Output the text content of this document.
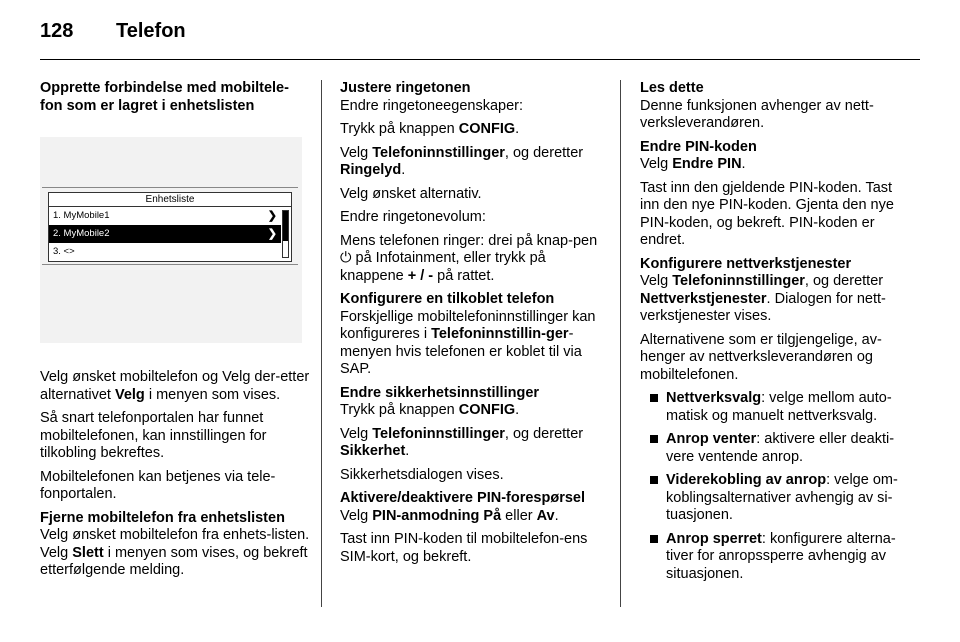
128 Telefon
Opprette forbindelse med mobiltele-
fon som er lagret i enhetslisten
Enhetsliste
1. MyMobile1	❯
2. MyMobile2	❯
3. <>
Velg ønsket mobiltelefon og Velg der-etter alternativet Velg i menyen som vises.
Så snart telefonportalen har funnet mobiltelefonen, kan innstillingen for tilkobling bekreftes.
Mobiltelefonen kan betjenes via tele-fonportalen.
Fjerne mobiltelefon fra enhetslisten
Velg ønsket mobiltelefon fra enhets-listen. Velg Slett i menyen som vises, og bekreft etterfølgende melding.
Justere ringetonen
Endre ringetoneegenskaper:
Trykk på knappen CONFIG.
Velg Telefoninnstillinger, og deretter Ringelyd.
Velg ønsket alternativ.
Endre ringetonevolum:
Mens telefonen ringer: drei på knap-pen ⏻ på Infotainment, eller trykk på knappene + / - på rattet.
Konfigurere en tilkoblet telefon
Forskjellige mobiltelefoninnstillinger kan konfigureres i Telefoninnstillin-ger-menyen hvis telefonen er koblet til via SAP.
Endre sikkerhetsinnstillinger
Trykk på knappen CONFIG.
Velg Telefoninnstillinger, og deretter Sikkerhet.
Sikkerhetsdialogen vises.
Aktivere/deaktivere PIN-forespørsel
Velg PIN-anmodning På eller Av.
Tast inn PIN-koden til mobiltelefon-ens SIM-kort, og bekreft.
Les dette
Denne funksjonen avhenger av nett-verksleverandøren.
Endre PIN-koden
Velg Endre PIN.
Tast inn den gjeldende PIN-koden. Tast inn den nye PIN-koden. Gjenta den nye PIN-koden, og bekreft. PIN-koden er endret.
Konfigurere nettverkstjenester
Velg Telefoninnstillinger, og deretter Nettverkstjenester. Dialogen for nett-verkstjenester vises.
Alternativene som er tilgjengelige, av-henger av nettverksleverandøren og mobiltelefonen.
Nettverksvalg: velge mellom auto-matisk og manuelt nettverksvalg.
Anrop venter: aktivere eller deakti-vere ventende anrop.
Viderekobling av anrop: velge om-koblingsalternativer avhengig av si-tuasjonen.
Anrop sperret: konfigurere alterna-tiver for anropssperre avhengig av situasjonen.
